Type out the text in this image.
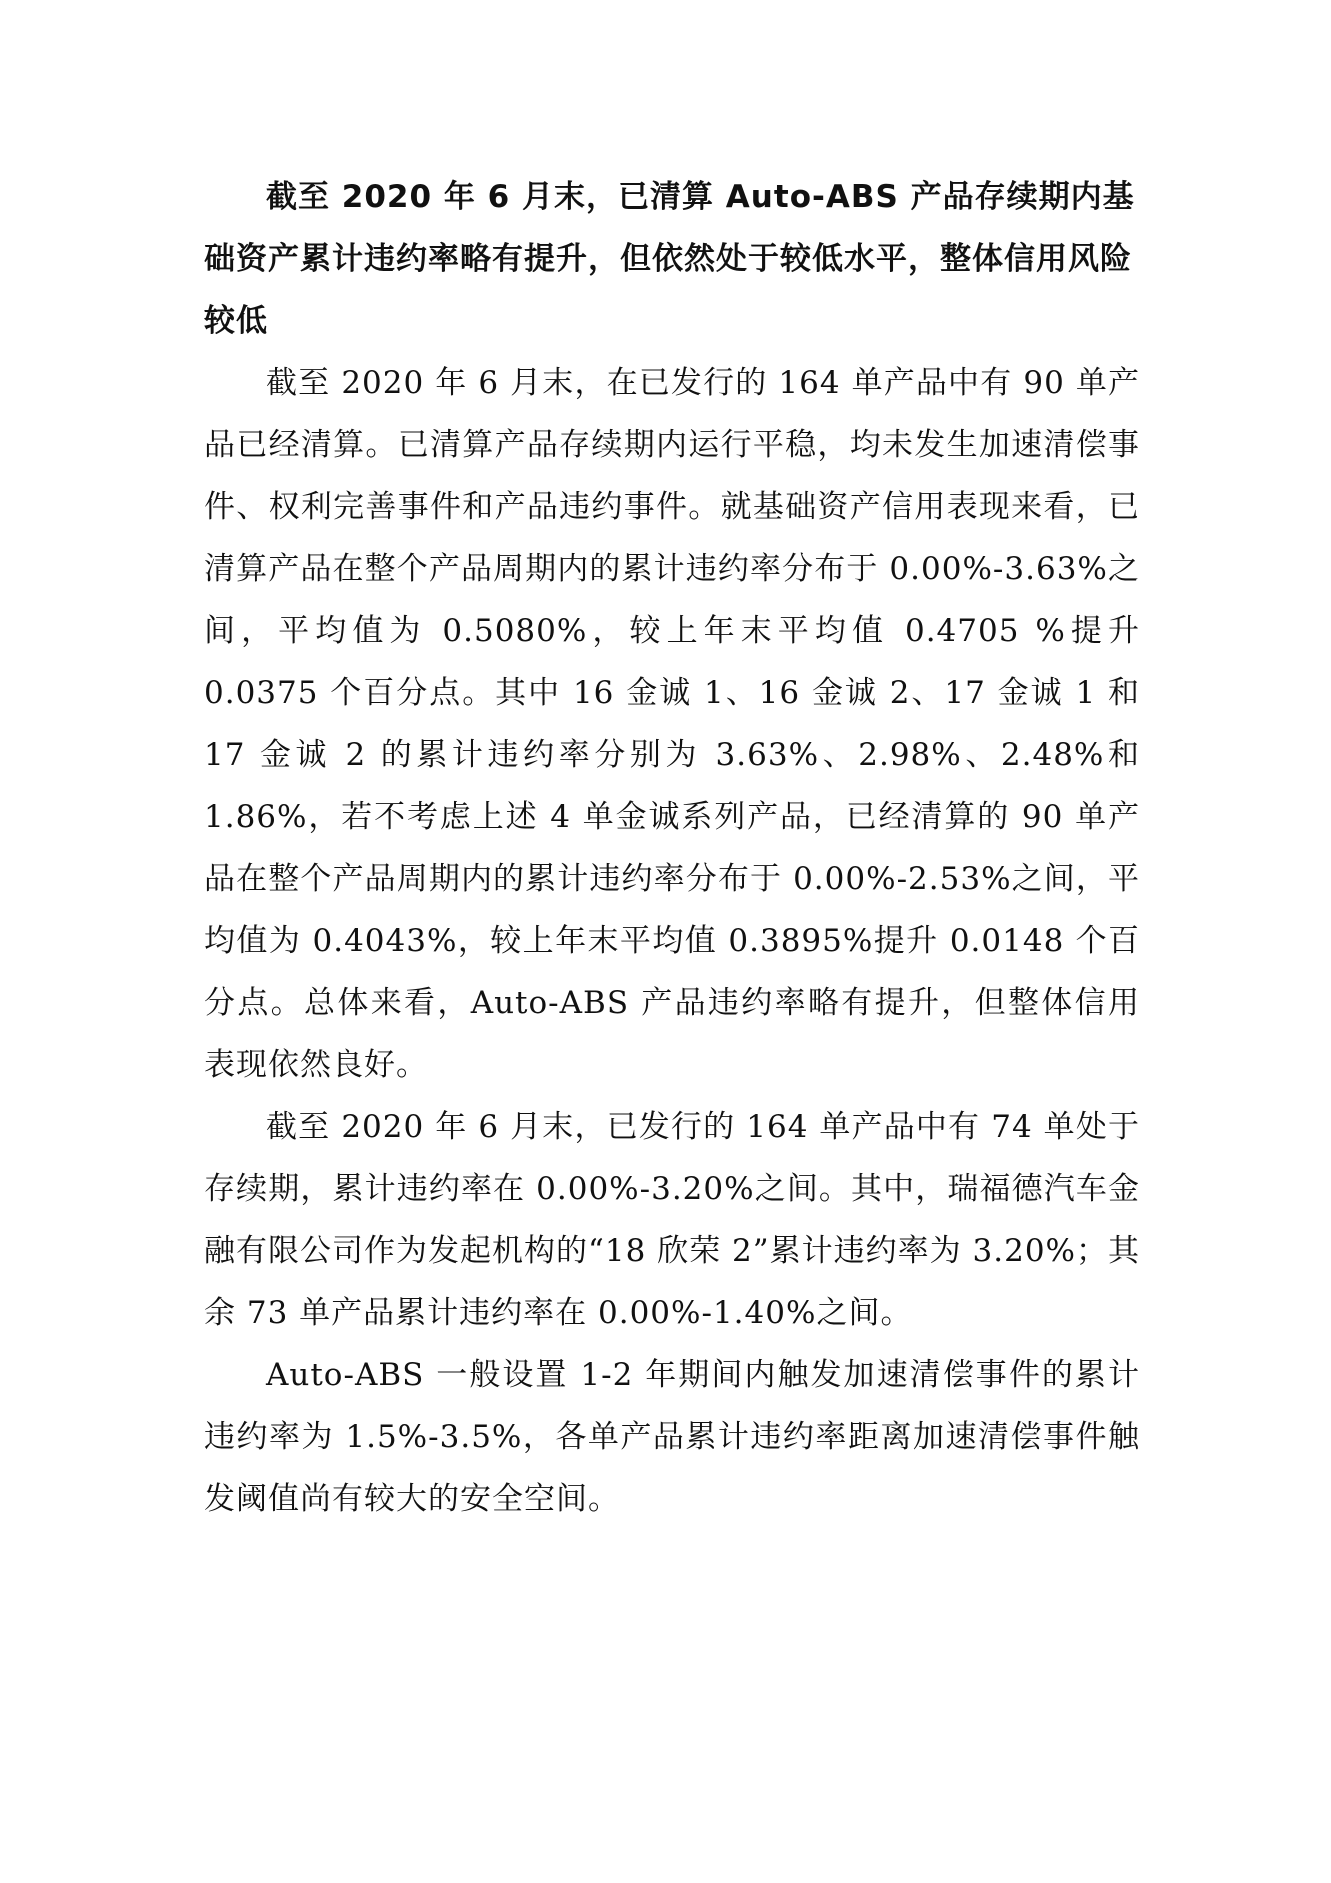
截至 2020 年 6 月末，已清算 Auto-ABS 产品存续期内基础资产累计违约率略有提升，但依然处于较低水平，整体信用风险较低

截至 2020 年 6 月末，在已发行的 164 单产品中有 90 单产品已经清算。已清算产品存续期内运行平稳，均未发生加速清偿事件、权利完善事件和产品违约事件。就基础资产信用表现来看，已清算产品在整个产品周期内的累计违约率分布于 0.00%-3.63%之间，平均值为 0.5080%，较上年末平均值 0.4705 %提升 0.0375 个百分点。其中 16 金诚 1、16 金诚 2、17 金诚 1 和 17 金诚 2 的累计违约率分别为 3.63%、2.98%、2.48%和 1.86%，若不考虑上述 4 单金诚系列产品，已经清算的 90 单产品在整个产品周期内的累计违约率分布于 0.00%-2.53%之间，平均值为 0.4043%，较上年末平均值 0.3895%提升 0.0148 个百分点。总体来看，Auto-ABS 产品违约率略有提升，但整体信用表现依然良好。

截至 2020 年 6 月末，已发行的 164 单产品中有 74 单处于存续期，累计违约率在 0.00%-3.20%之间。其中，瑞福德汽车金融有限公司作为发起机构的“18 欣荣 2”累计违约率为 3.20%；其余 73 单产品累计违约率在 0.00%-1.40%之间。

Auto-ABS 一般设置 1-2 年期间内触发加速清偿事件的累计违约率为 1.5%-3.5%，各单产品累计违约率距离加速清偿事件触发阈值尚有较大的安全空间。
